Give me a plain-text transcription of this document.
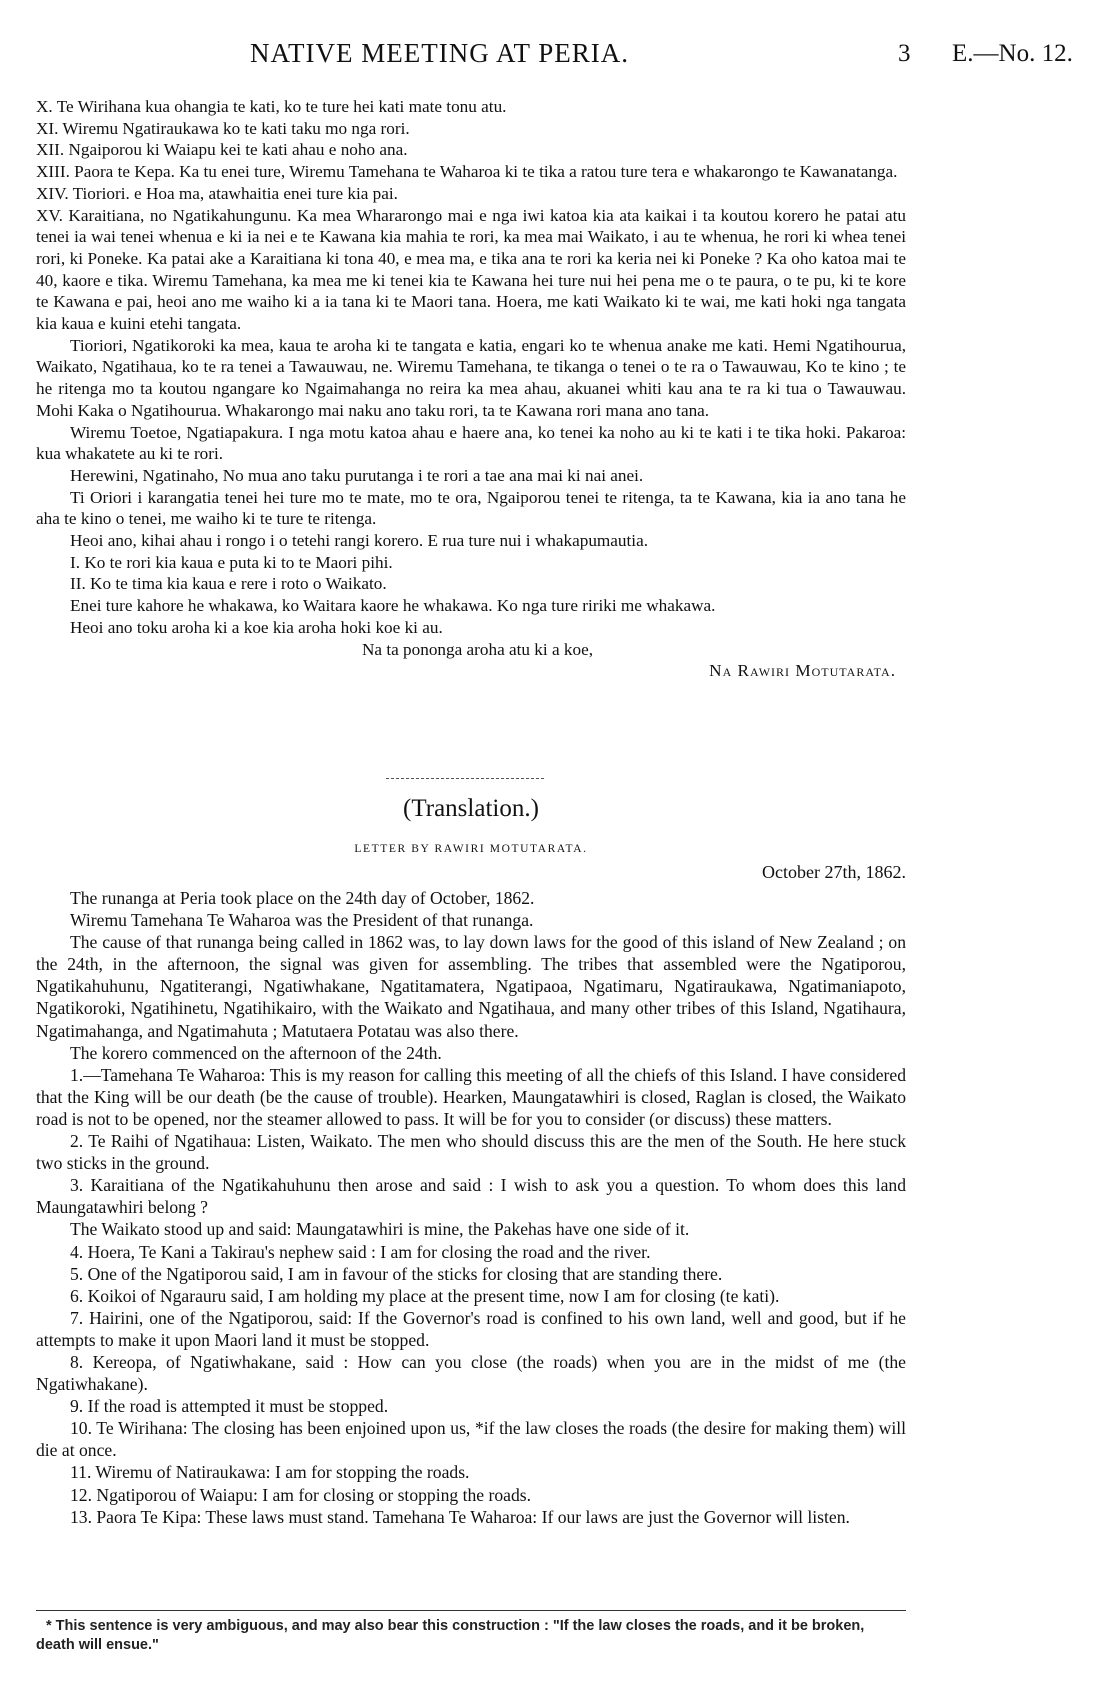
NATIVE MEETING AT PERIA.	3 E.—No. 12.

X. Te Wirihana kua ohangia te kati, ko te ture hei kati mate tonu atu.

XI. Wiremu Ngatiraukawa ko te kati taku mo nga rori.

XII. Ngaiporou ki Waiapu kei te kati ahau e noho ana.

XIII. Paora te Kepa. Ka tu enei ture, Wiremu Tamehana te Waharoa ki te tika a ratou ture tera e whakarongo te Kawanatanga.

XIV. Tioriori. e Hoa ma, atawhaitia enei ture kia pai.

XV. Karaitiana, no Ngatikahungunu. Ka mea Whararongo mai e nga iwi katoa kia ata kaikai i ta koutou korero he patai atu tenei ia wai tenei whenua e ki ia nei e te Kawana kia mahia te rori, ka mea mai Waikato, i au te whenua, he rori ki whea tenei rori, ki Poneke. Ka patai ake a Karaitiana ki tona 40, e mea ma, e tika ana te rori ka keria nei ki Poneke ? Ka oho katoa mai te 40, kaore e tika. Wiremu Tamehana, ka mea me ki tenei kia te Kawana hei ture nui hei pena me o te paura, o te pu, ki te kore te Kawana e pai, heoi ano me waiho ki a ia tana ki te Maori tana. Hoera, me kati Waikato ki te wai, me kati hoki nga tangata kia kaua e kuini etehi tangata.

Tioriori, Ngatikoroki ka mea, kaua te aroha ki te tangata e katia, engari ko te whenua anake me kati. Hemi Ngatihourua, Waikato, Ngatihaua, ko te ra tenei a Tawauwau, ne. Wiremu Tamehana, te tikanga o tenei o te ra o Tawauwau, Ko te kino ; te he ritenga mo ta koutou ngangare ko Ngaimahanga no reira ka mea ahau, akuanei whiti kau ana te ra ki tua o Tawauwau. Mohi Kaka o Ngatihourua. Whakarongo mai naku ano taku rori, ta te Kawana rori mana ano tana.

Wiremu Toetoe, Ngatiapakura. I nga motu katoa ahau e haere ana, ko tenei ka noho au ki te kati i te tika hoki. Pakaroa: kua whakatete au ki te rori.

Herewini, Ngatinaho, No mua ano taku purutanga i te rori a tae ana mai ki nai anei.

Ti Oriori i karangatia tenei hei ture mo te mate, mo te ora, Ngaiporou tenei te ritenga, ta te Kawana, kia ia ano tana he aha te kino o tenei, me waiho ki te ture te ritenga.

Heoi ano, kihai ahau i rongo i o tetehi rangi korero. E rua ture nui i whakapumautia.

I. Ko te rori kia kaua e puta ki to te Maori pihi.

II. Ko te tima kia kaua e rere i roto o Waikato.

Enei ture kahore he whakawa, ko Waitara kaore he whakawa. Ko nga ture ririki me whakawa.

Heoi ano toku aroha ki a koe kia aroha hoki koe ki au.

Na ta pononga aroha atu ki a koe,

Na Rawiri Motutarata.

(Translation.)
LETTER BY RAWIRI MOTUTARATA.
October 27th, 1862.

The runanga at Peria took place on the 24th day of October, 1862.

Wiremu Tamehana Te Waharoa was the President of that runanga.

The cause of that runanga being called in 1862 was, to lay down laws for the good of this island of New Zealand ; on the 24th, in the afternoon, the signal was given for assembling. The tribes that assembled were the Ngatiporou, Ngatikahuhunu, Ngatiterangi, Ngatiwhakane, Ngatitamatera, Ngatipaoa, Ngatimaru, Ngatiraukawa, Ngatimaniapoto, Ngatikoroki, Ngatihinetu, Ngatihikairo, with the Waikato and Ngatihaua, and many other tribes of this Island, Ngatihaura, Ngatimahanga, and Ngatimahuta ; Matutaera Potatau was also there.

The korero commenced on the afternoon of the 24th.

1.—Tamehana Te Waharoa: This is my reason for calling this meeting of all the chiefs of this Island. I have considered that the King will be our death (be the cause of trouble). Hearken, Maungatawhiri is closed, Raglan is closed, the Waikato road is not to be opened, nor the steamer allowed to pass. It will be for you to consider (or discuss) these matters.

2. Te Raihi of Ngatihaua: Listen, Waikato. The men who should discuss this are the men of the South. He here stuck two sticks in the ground.

3. Karaitiana of the Ngatikahuhunu then arose and said : I wish to ask you a question. To whom does this land Maungatawhiri belong ?

The Waikato stood up and said: Maungatawhiri is mine, the Pakehas have one side of it.

4. Hoera, Te Kani a Takirau's nephew said : I am for closing the road and the river.

5. One of the Ngatiporou said, I am in favour of the sticks for closing that are standing there.

6. Koikoi of Ngarauru said, I am holding my place at the present time, now I am for closing (te kati).

7. Hairini, one of the Ngatiporou, said: If the Governor's road is confined to his own land, well and good, but if he attempts to make it upon Maori land it must be stopped.

8. Kereopa, of Ngatiwhakane, said : How can you close (the roads) when you are in the midst of me (the Ngatiwhakane).

9. If the road is attempted it must be stopped.

10. Te Wirihana: The closing has been enjoined upon us, *if the law closes the roads (the desire for making them) will die at once.

11. Wiremu of Natiraukawa: I am for stopping the roads.

12. Ngatiporou of Waiapu: I am for closing or stopping the roads.

13. Paora Te Kipa: These laws must stand. Tamehana Te Waharoa: If our laws are just the Governor will listen.

* This sentence is very ambiguous, and may also bear this construction : "If the law closes the roads, and it be broken, death will ensue."
